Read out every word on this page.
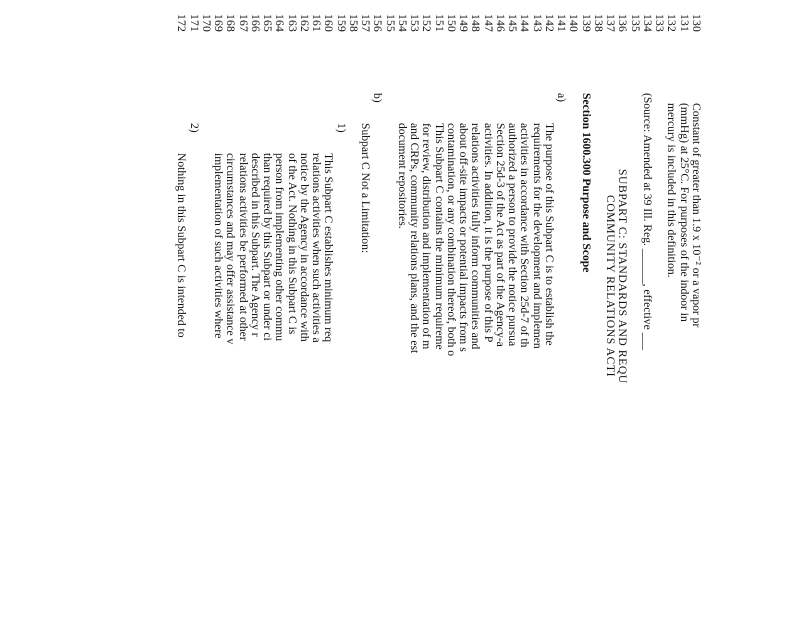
130
Constant of greater than 1.9 x 10⁻² or a vapor pr
131
(mmHg) at 25°C. For purposes of the indoor in
132
mercury is included in this definition.
133
134
(Source: Amended at 39 Ill. Reg. ______, effective ___
135
136
SUBPART C: STANDARDS AND REQU
137
COMMUNITY RELATIONS ACTI
138
139
Section 1600.300 Purpose and Scope
140
141
a)
142
The purpose of this Subpart C is to establish the
143
requirements for the development and implemen
144
activities in accordance with Section 25d-7 of th
145
authorized a person to provide the notice pursua
146
Section 25d-3 of the Act as part of the Agency-a
147
activities. In addition, it is the purpose of this P
148
relations activities fully inform communities and
149
about off-site impacts or potential impacts from s
150
contamination, or any combination thereof, both o
151
This Subpart C contains the minimum requireme
152
for review, distribution and implementation of m
153
and CRPs, community relations plans, and the est
154
document repositories.
155
156
b)
157
Subpart C Not a Limitation:
158
159
1)
160
This Subpart C establishes minimum req
161
relations activities when such activities a
162
notice by the Agency in accordance with
163
of the Act. Nothing in this Subpart C is
164
person from implementing other commu
165
than required by this Subpart or under ci
166
described in this Subpart. The Agency r
167
relations activities be performed at other
168
circumstances and may offer assistance v
169
implementation of such activities where
170
171
2)
172
Nothing in this Subpart C is intended to
